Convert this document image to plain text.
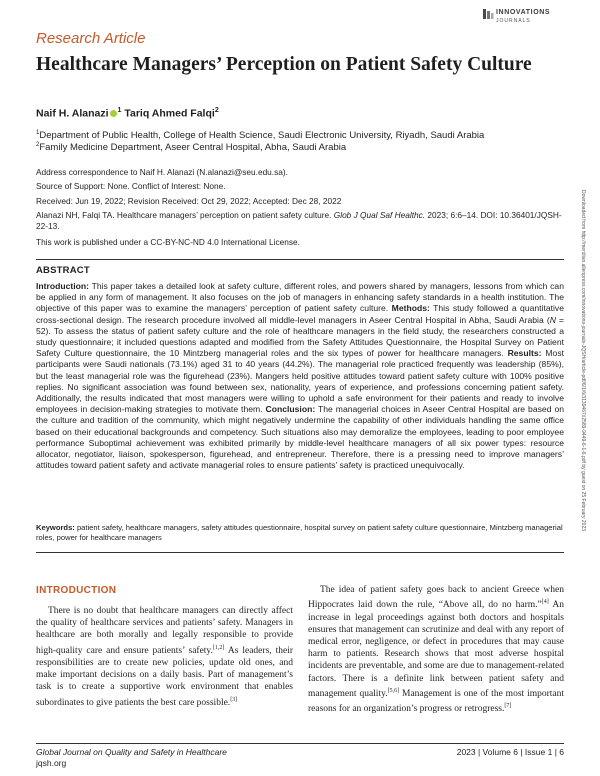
INNOVATIONS
JOURNALS
Research Article
Healthcare Managers’ Perception on Patient Safety Culture
Naif H. Alanazi $^1$ Tariq Ahmed Falqi$^2$
$^1$Department of Public Health, College of Health Science, Saudi Electronic University, Riyadh, Saudi Arabia
$^2$Family Medicine Department, Aseer Central Hospital, Abha, Saudi Arabia
Address correspondence to Naif H. Alanazi (N.alanazi@seu.edu.sa).
Source of Support: None. Conflict of Interest: None.
Received: Jun 19, 2022; Revision Received: Oct 29, 2022; Accepted: Dec 28, 2022
Alanazi NH, Falqi TA. Healthcare managers’ perception on patient safety culture. Glob J Qual Saf Healthc. 2023; 6:6–14. DOI: 10.36401/JQSH-22-13.
This work is published under a CC-BY-NC-ND 4.0 International License.	Downloaded from http://meridian.allenpress.com/innovations-journals-JQSH/article-pdf/6/1/6/3139467/i2589-9449-6-1-6.pdf by guest on 25 February 2023
ABSTRACT
Introduction: This paper takes a detailed look at safety culture, different roles, and powers shared by managers, lessons from which can be applied in any form of management. It also focuses on the job of managers in enhancing safety standards in a health institution. The objective of this paper was to examine the managers’ perception of patient safety culture. Methods: This study followed a quantitative cross-sectional design. The research procedure involved all middle-level managers in Aseer Central Hospital in Abha, Saudi Arabia (N = 52). To assess the status of patient safety culture and the role of healthcare managers in the field study, the researchers constructed a study questionnaire; it included questions adapted and modified from the Safety Attitudes Questionnaire, the Hospital Survey on Patient Safety Culture questionnaire, the 10 Mintzberg managerial roles and the six types of power for healthcare managers. Results: Most participants were Saudi nationals (73.1%) aged 31 to 40 years (44.2%). The managerial role practiced frequently was leadership (85%), but the least managerial role was the figurehead (23%). Mangers held positive attitudes toward patient safety culture with 100% positive replies. No significant association was found between sex, nationality, years of experience, and professions concerning patient safety. Additionally, the results indicated that most managers were willing to uphold a safe environment for their patients and ready to involve employees in decision-making strategies to motivate them. Conclusion: The managerial choices in Aseer Central Hospital are based on the culture and tradition of the community, which might negatively undermine the capability of other individuals handling the same office based on their educational backgrounds and competency. Such situations also may demoralize the employees, leading to poor employee performance Suboptimal achievement was exhibited primarily by middle-level healthcare managers of all six power types: resource allocator, negotiator, liaison, spokesperson, figurehead, and entrepreneur. Therefore, there is a pressing need to improve managers’ attitudes toward patient safety and activate managerial roles to ensure patients’ safety is practiced unequivocally.
Keywords: patient safety, healthcare managers, safety attitudes questionnaire, hospital survey on patient safety culture questionnaire, Mintzberg managerial roles, power for healthcare managers
INTRODUCTION
There is no doubt that healthcare managers can directly affect the quality of healthcare services and patients’ safety. Managers in healthcare are both morally and legally responsible to provide high-quality care and ensure patients’ safety.[1,2] As leaders, their responsibilities are to create new policies, update old ones, and make important decisions on a daily basis. Part of management’s task is to create a supportive work environment that enables subordinates to give patients the best care possible.[3]
The idea of patient safety goes back to ancient Greece when Hippocrates laid down the rule, “Above all, do no harm.”[4] An increase in legal proceedings against both doctors and hospitals ensures that management can scrutinize and deal with any report of medical error, negligence, or defect in procedures that may cause harm to patients. Research shows that most adverse hospital incidents are preventable, and some are due to management-related factors. There is a definite link between patient safety and management quality.[5,6] Management is one of the most important reasons for an organization’s progress or retrogress.[7]
Global Journal on Quality and Safety in Healthcare
jqsh.org
2023 | Volume 6 | Issue 1 | 6
